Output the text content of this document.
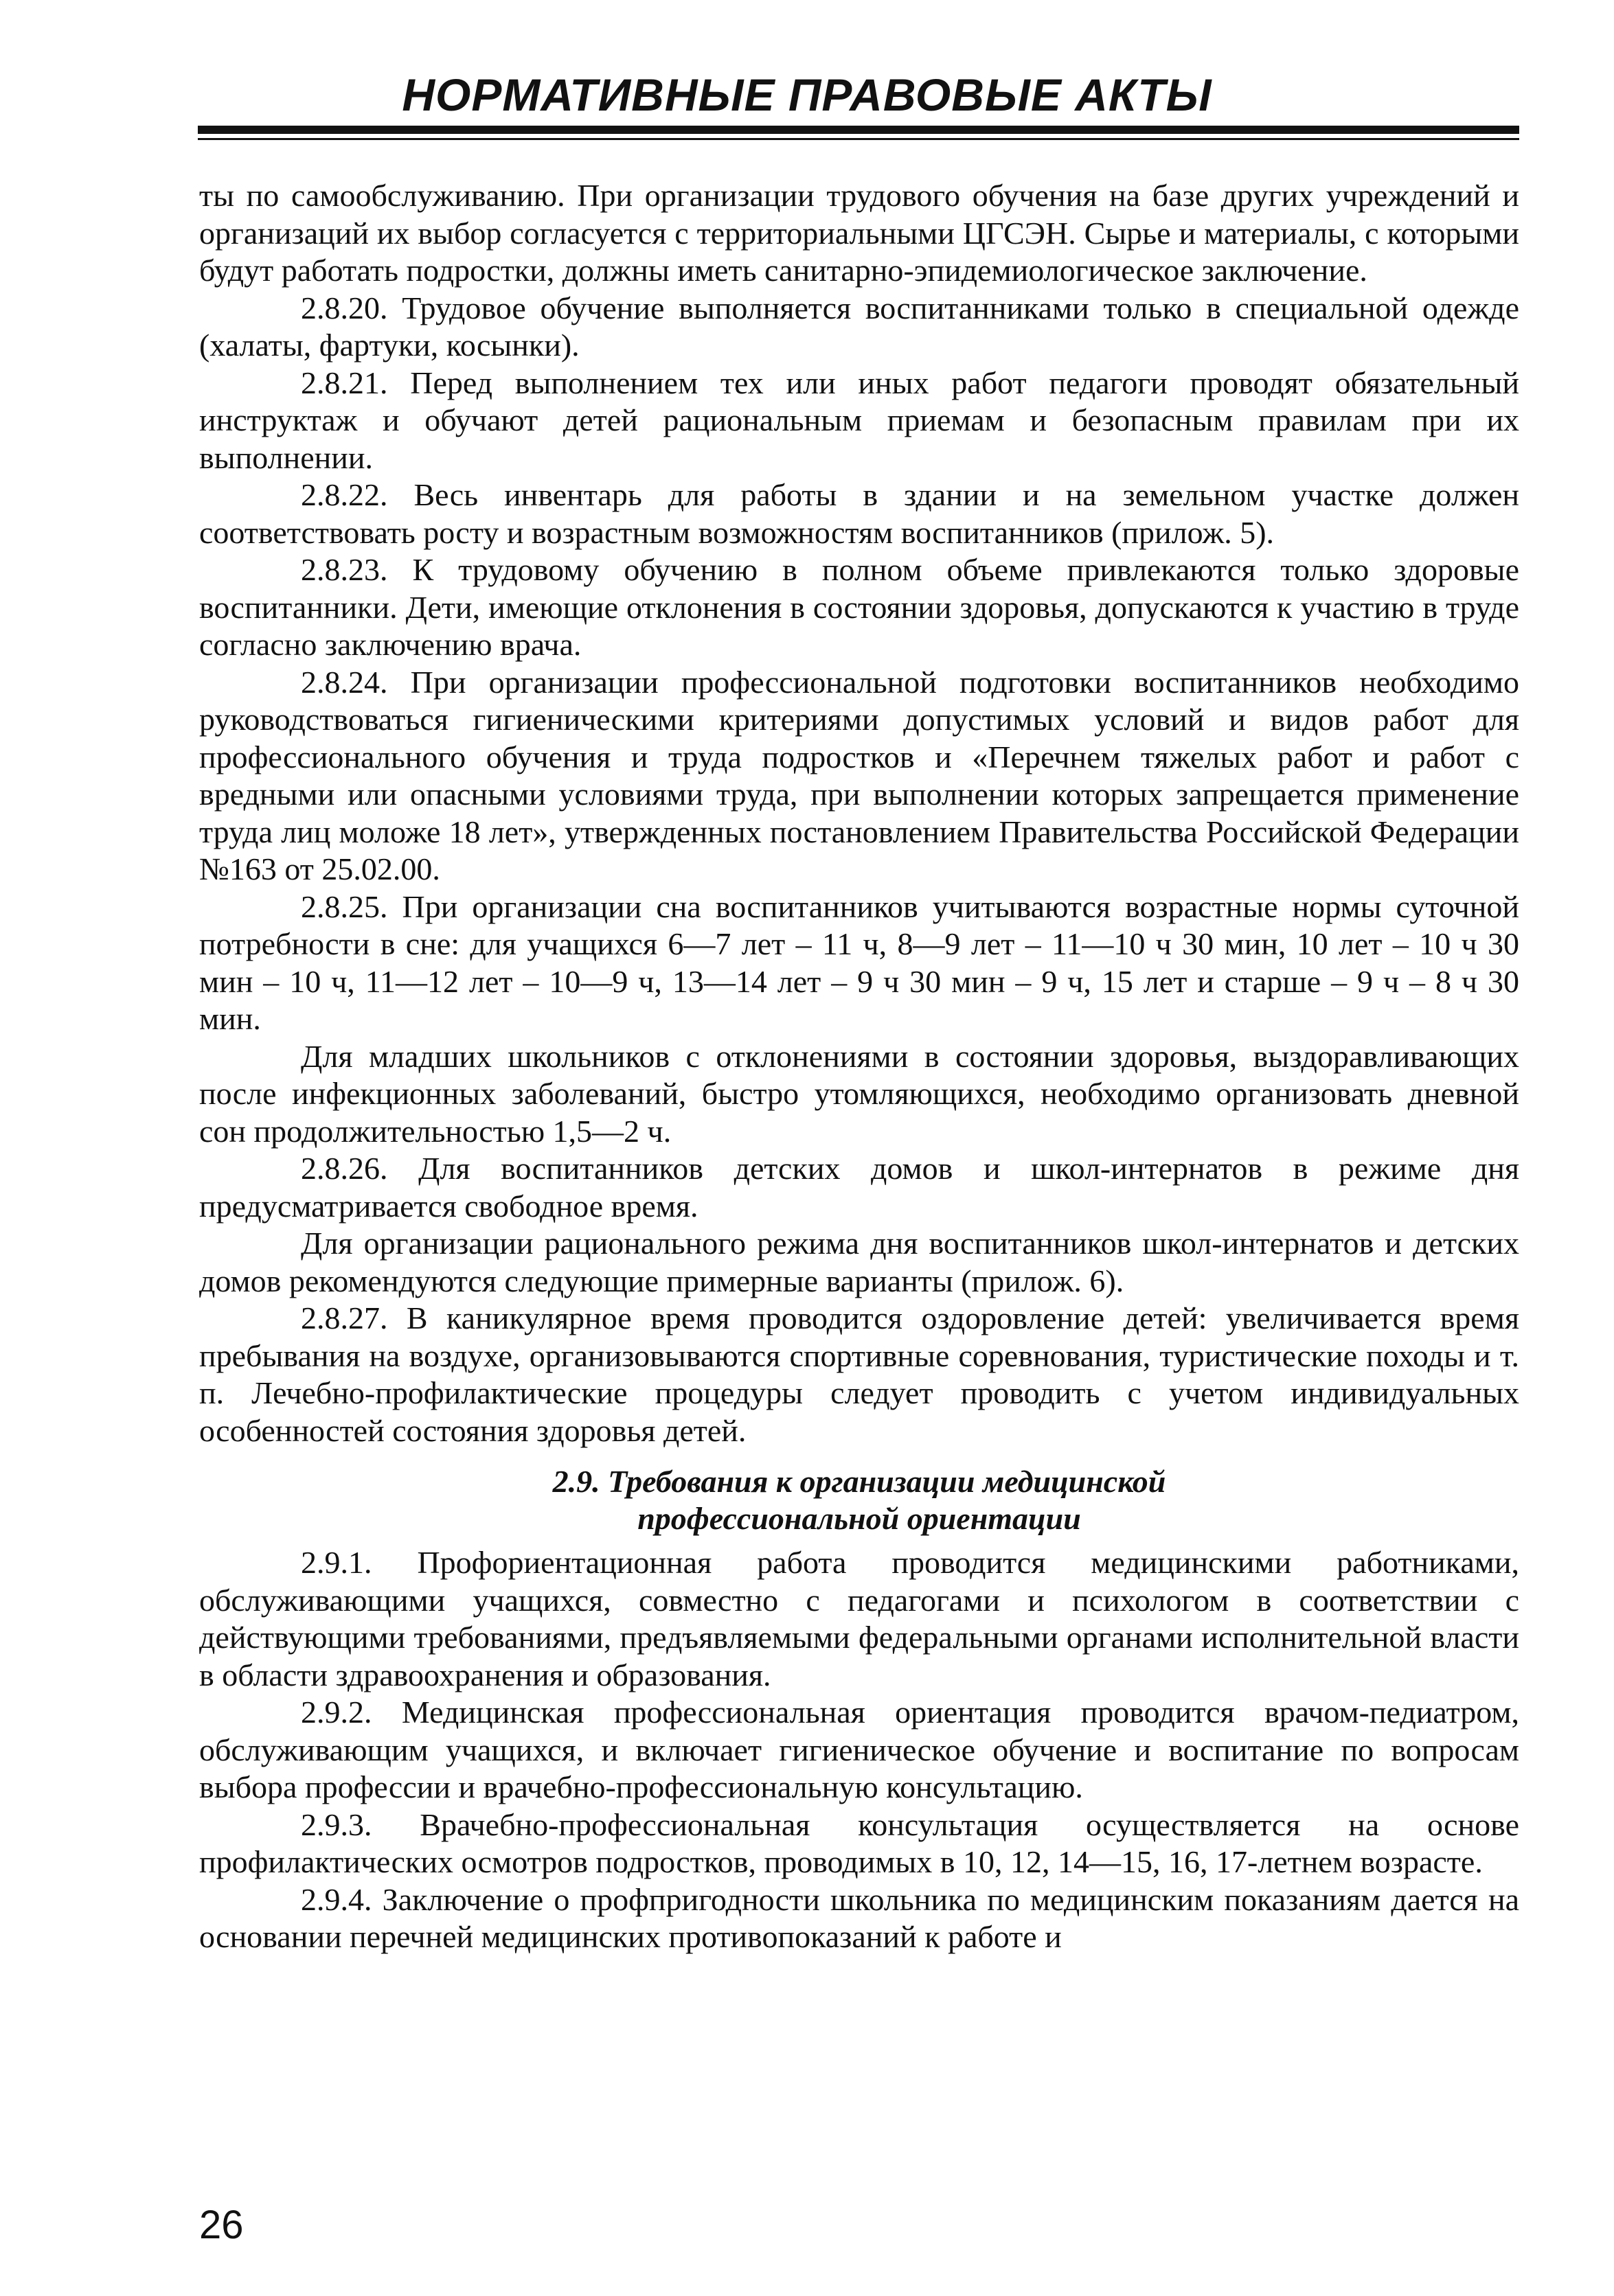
НОРМАТИВНЫЕ ПРАВОВЫЕ АКТЫ

ты по самообслуживанию. При организации трудового обучения на базе других учреждений и организаций их выбор согласуется с территориальными ЦГСЭН. Сырье и материалы, с которыми будут работать подростки, должны иметь санитарно-эпидемиологическое заключение.

2.8.20. Трудовое обучение выполняется воспитанниками только в специальной одежде (халаты, фартуки, косынки).

2.8.21. Перед выполнением тех или иных работ педагоги проводят обязательный инструктаж и обучают детей рациональным приемам и безопасным правилам при их выполнении.

2.8.22. Весь инвентарь для работы в здании и на земельном участке должен соответствовать росту и возрастным возможностям воспитанников (прилож. 5).

2.8.23. К трудовому обучению в полном объеме привлекаются только здоровые воспитанники. Дети, имеющие отклонения в состоянии здоровья, допускаются к участию в труде согласно заключению врача.

2.8.24. При организации профессиональной подготовки воспитанников необходимо руководствоваться гигиеническими критериями допустимых условий и видов работ для профессионального обучения и труда подростков и «Перечнем тяжелых работ и работ с вредными или опасными условиями труда, при выполнении которых запрещается применение труда лиц моложе 18 лет», утвержденных постановлением Правительства Российской Федерации №163 от 25.02.00.

2.8.25. При организации сна воспитанников учитываются возрастные нормы суточной потребности в сне: для учащихся 6—7 лет – 11 ч, 8—9 лет – 11—10 ч 30 мин, 10 лет – 10 ч 30 мин – 10 ч, 11—12 лет – 10—9 ч, 13—14 лет – 9 ч 30 мин – 9 ч, 15 лет и старше – 9 ч – 8 ч 30 мин.

Для младших школьников с отклонениями в состоянии здоровья, выздоравливающих после инфекционных заболеваний, быстро утомляющихся, необходимо организовать дневной сон продолжительностью 1,5—2 ч.

2.8.26. Для воспитанников детских домов и школ-интернатов в режиме дня предусматривается свободное время.

Для организации рационального режима дня воспитанников школ-интернатов и детских домов рекомендуются следующие примерные варианты (прилож. 6).

2.8.27. В каникулярное время проводится оздоровление детей: увеличивается время пребывания на воздухе, организовываются спортивные соревнования, туристические походы и т. п. Лечебно-профилактические процедуры следует проводить с учетом индивидуальных особенностей состояния здоровья детей.

2.9. Требования к организации медицинской
профессиональной ориентации

2.9.1. Профориентационная работа проводится медицинскими работниками, обслуживающими учащихся, совместно с педагогами и психологом в соответствии с действующими требованиями, предъявляемыми федеральными органами исполнительной власти в области здравоохранения и образования.

2.9.2. Медицинская профессиональная ориентация проводится врачом-педиатром, обслуживающим учащихся, и включает гигиеническое обучение и воспитание по вопросам выбора профессии и врачебно-профессиональную консультацию.

2.9.3. Врачебно-профессиональная консультация осуществляется на основе профилактических осмотров подростков, проводимых в 10, 12, 14—15, 16, 17-летнем возрасте.

2.9.4. Заключение о профпригодности школьника по медицинским показаниям дается на основании перечней медицинских противопоказаний к работе и

26
